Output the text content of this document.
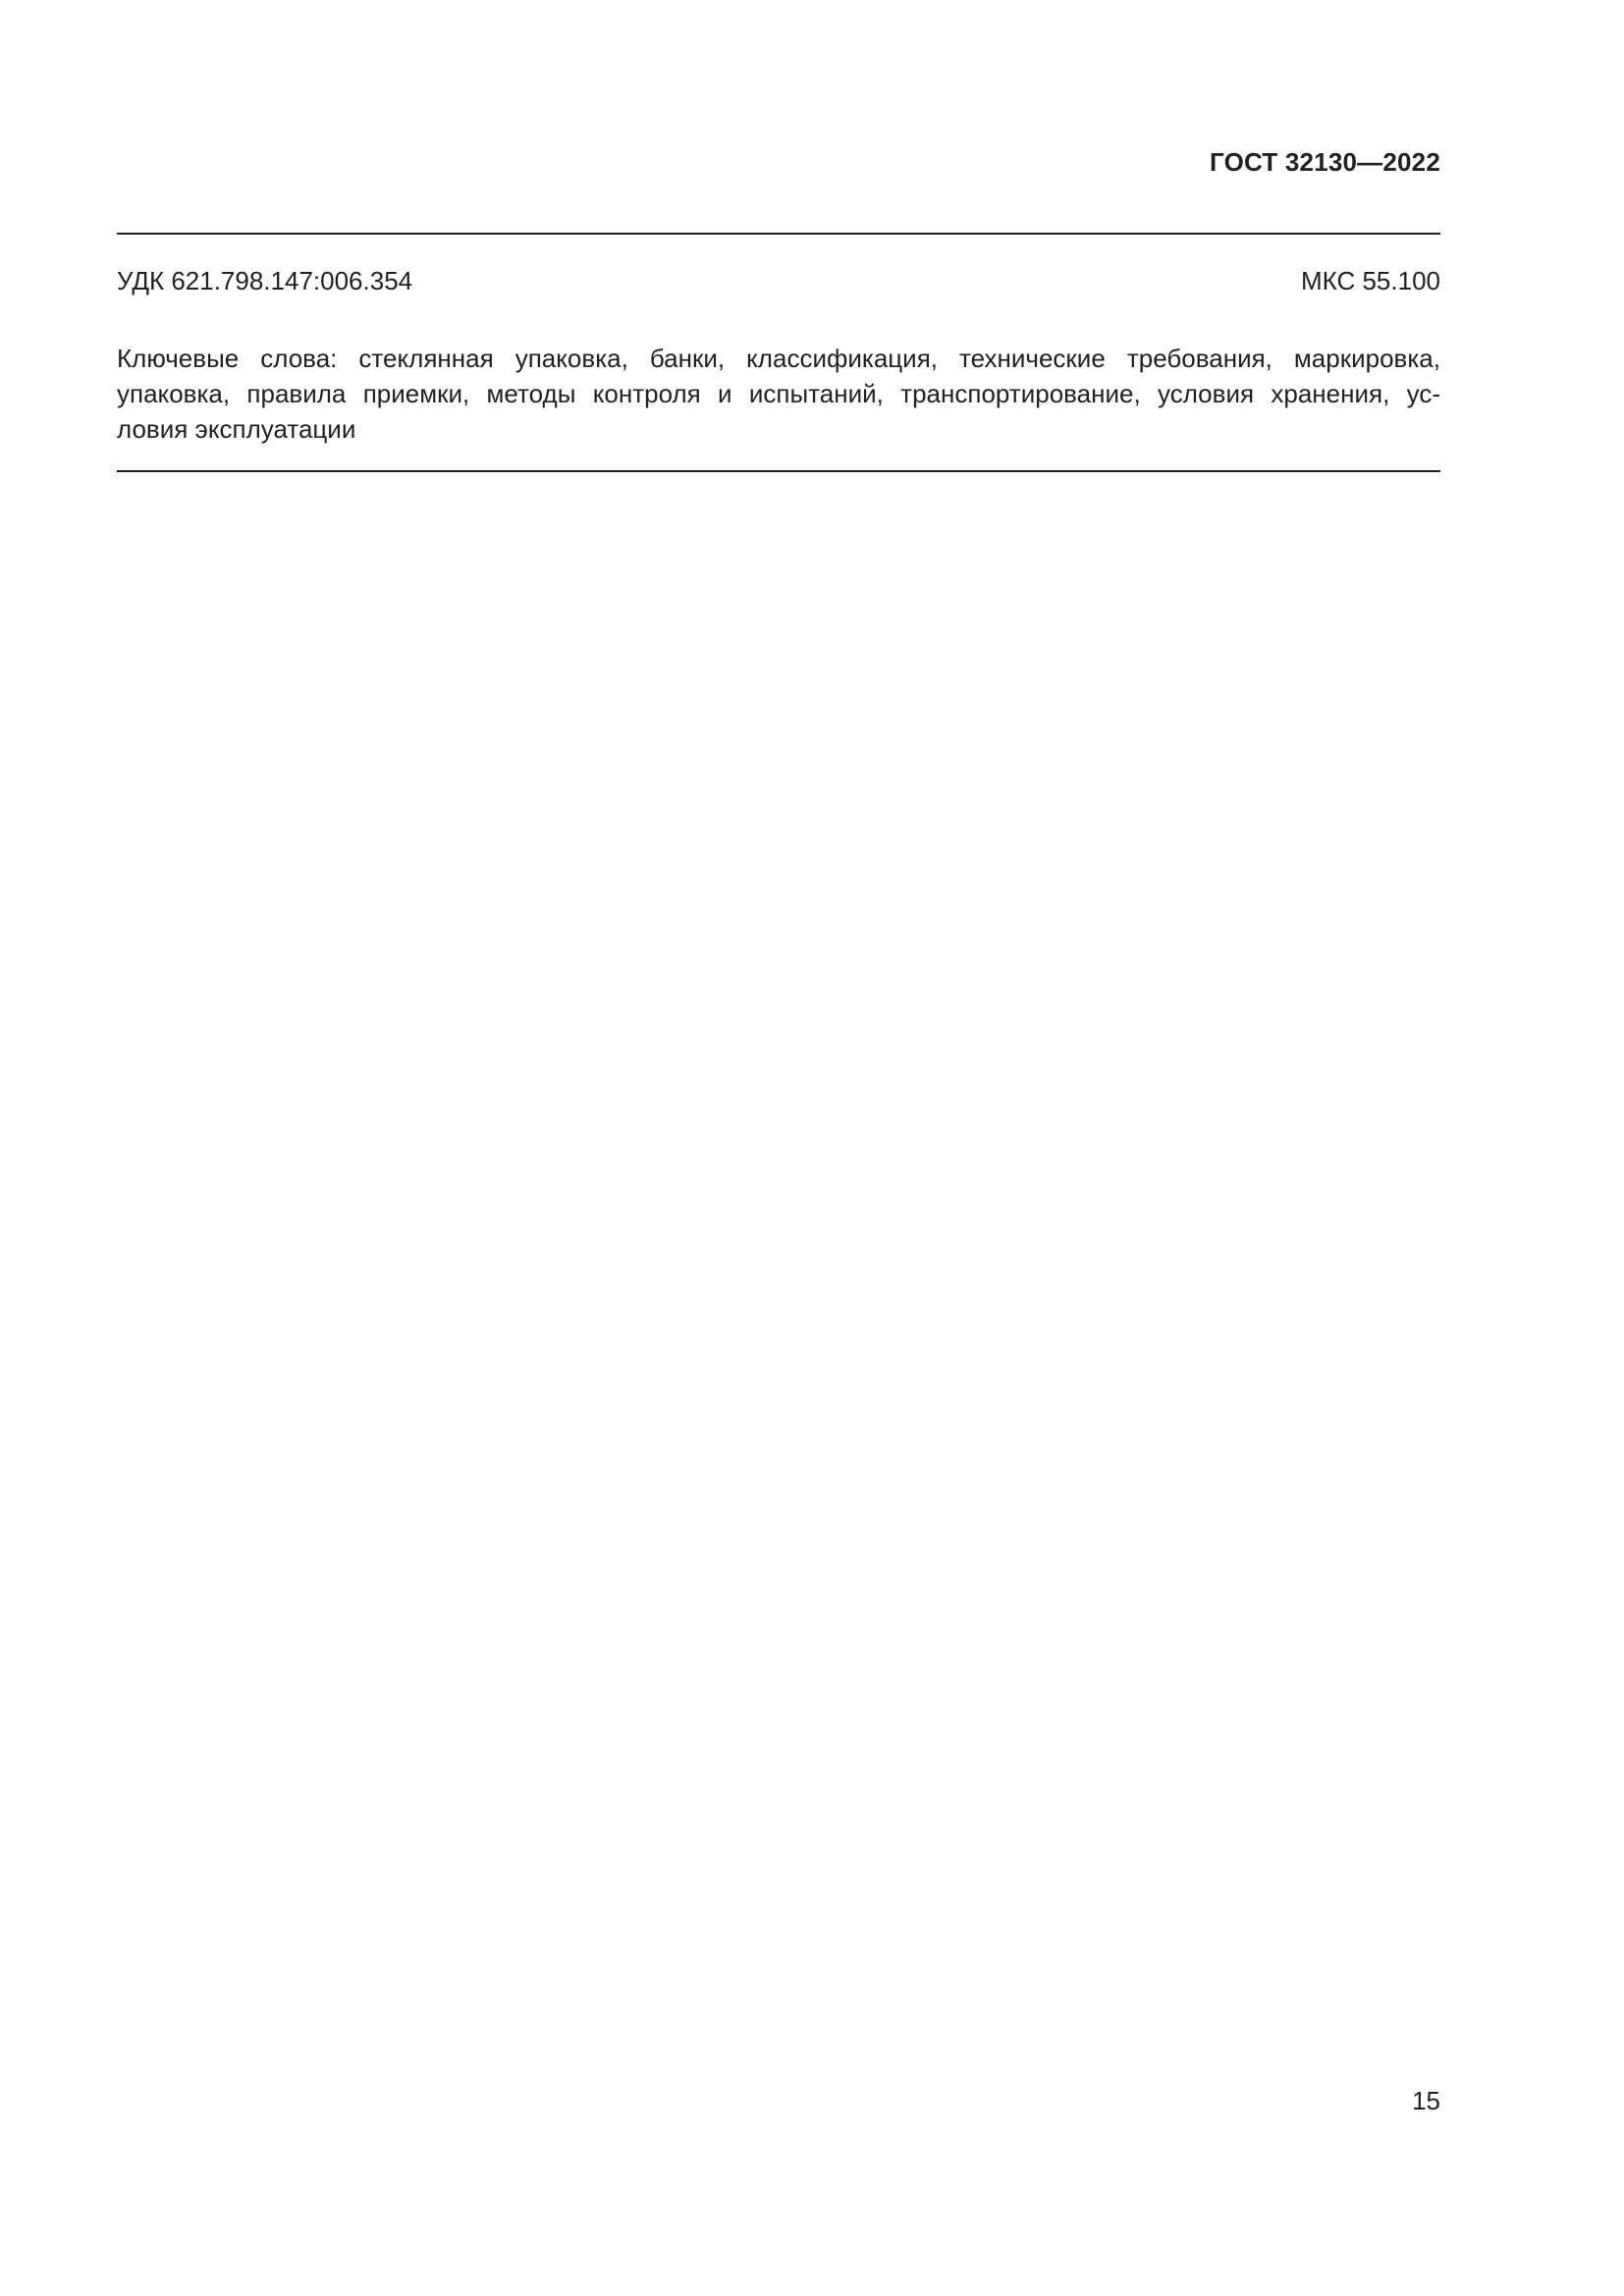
ГОСТ 32130—2022
УДК 621.798.147:006.354	МКС 55.100
Ключевые слова: стеклянная упаковка, банки, классификация, технические требования, маркировка,
упаковка, правила приемки, методы контроля и испытаний, транспортирование, условия хранения, ус-
ловия эксплуатации
15
